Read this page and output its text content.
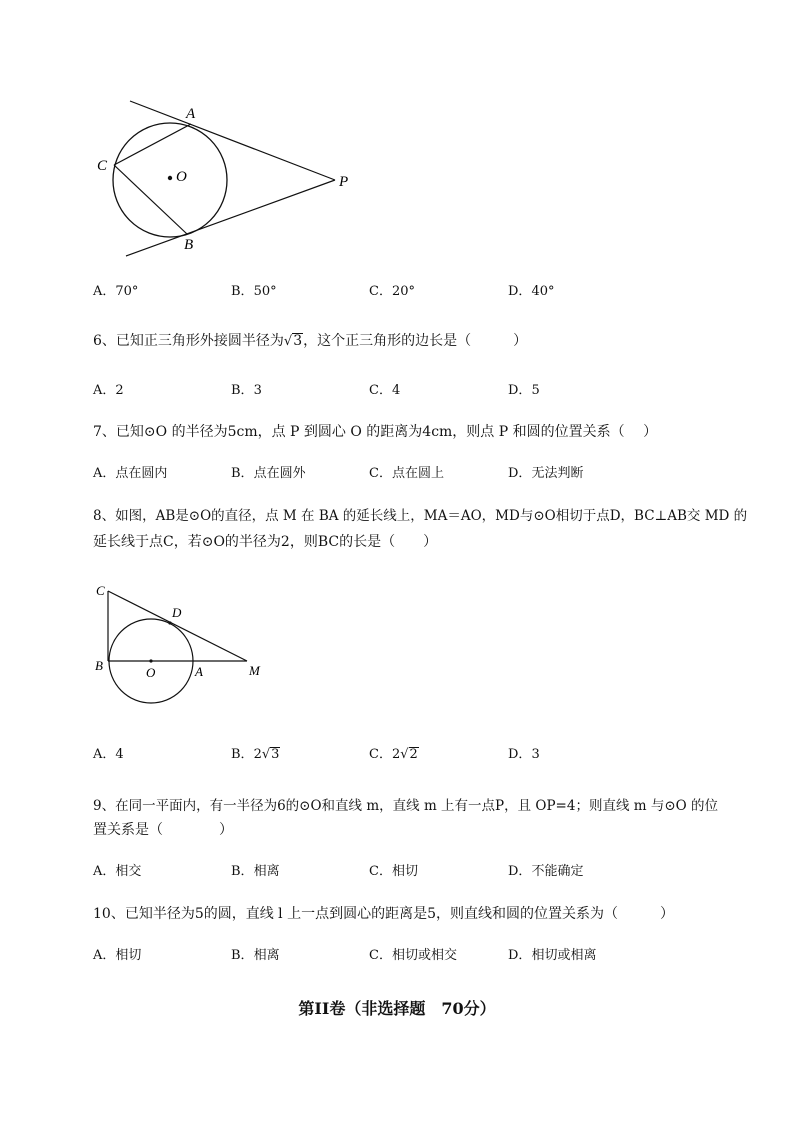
A
C
O	P
B
A．70°	B．50°	C．20°	D．40°
6、已知正三角形外接圆半径为√3，这个正三角形的边长是（　　　）
A．2	B．3	C．4	D．5
7、已知⊙O 的半径为5cm，点 P 到圆心 O 的距离为4cm，则点 P 和圆的位置关系（　 ）
A．点在圆内	B．点在圆外	C．点在圆上	D．无法判断
8、如图，AB是⊙O的直径，点 M 在 BA 的延长线上，MA＝AO，MD与⊙O相切于点D，BC⊥AB交 MD 的
延长线于点C，若⊙O的半径为2，则BC的长是（　　）
C
D
B	O	A	M
A．4	B．2√3	C．2√2	D．3
9、在同一平面内，有一半径为6的⊙O和直线 m，直线 m 上有一点P，且 OP=4；则直线 m 与⊙O 的位
置关系是（　　　　）
A．相交	B．相离	C．相切	D．不能确定
10、已知半径为5的圆，直线 l 上一点到圆心的距离是5，则直线和圆的位置关系为（　　　）
A．相切	B．相离	C．相切或相交	D．相切或相离
第II卷（非选择题　70分）
